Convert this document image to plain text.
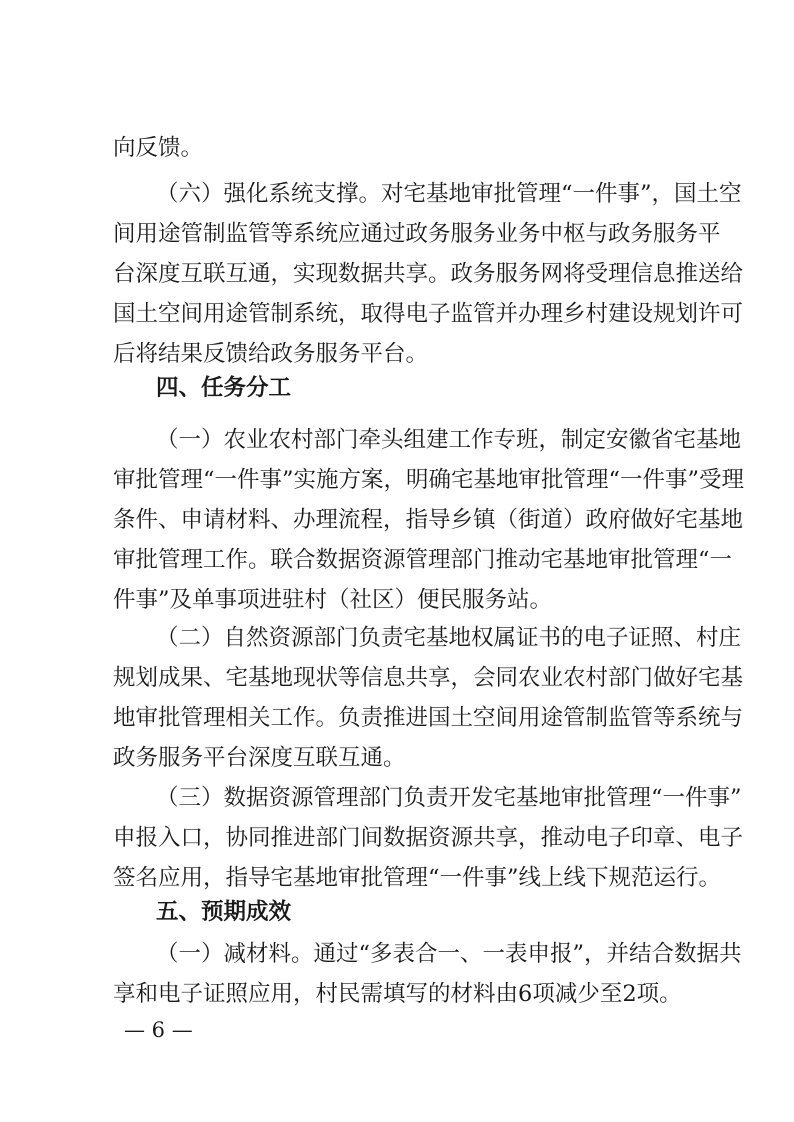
向反馈。
（六）强化系统支撑。对宅基地审批管理“一件事”，国土空
间用途管制监管等系统应通过政务服务业务中枢与政务服务平
台深度互联互通，实现数据共享。政务服务网将受理信息推送给
国土空间用途管制系统，取得电子监管并办理乡村建设规划许可
后将结果反馈给政务服务平台。
四、任务分工
（一）农业农村部门牵头组建工作专班，制定安徽省宅基地
审批管理“一件事”实施方案，明确宅基地审批管理“一件事”受理
条件、申请材料、办理流程，指导乡镇（街道）政府做好宅基地
审批管理工作。联合数据资源管理部门推动宅基地审批管理“一
件事”及单事项进驻村（社区）便民服务站。
（二）自然资源部门负责宅基地权属证书的电子证照、村庄
规划成果、宅基地现状等信息共享，会同农业农村部门做好宅基
地审批管理相关工作。负责推进国土空间用途管制监管等系统与
政务服务平台深度互联互通。
（三）数据资源管理部门负责开发宅基地审批管理“一件事”
申报入口，协同推进部门间数据资源共享，推动电子印章、电子
签名应用，指导宅基地审批管理“一件事”线上线下规范运行。
五、预期成效
（一）减材料。通过“多表合一、一表申报”，并结合数据共
享和电子证照应用，村民需填写的材料由6项减少至2项。
— 6 —
